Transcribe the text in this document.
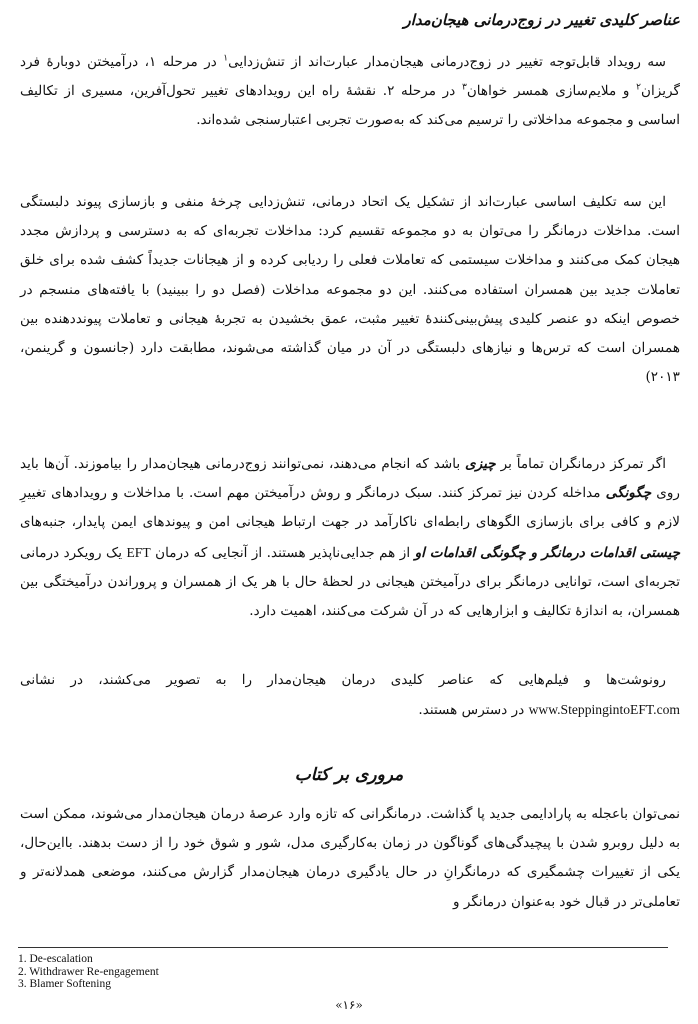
عناصر کلیدی تغییر در زوج‌درمانی هیجان‌مدار

سه رویداد قابل‌توجه تغییر در زوج‌درمانی هیجان‌مدار عبارت‌اند از تنش‌زدایی$^۱$ در مرحله ۱، درآمیختن دوبارۀ فرد گریزان$^۲$ و ملایم‌سازی همسر خواهان$^۳$ در مرحله ۲. نقشۀ راه این رویدادهای تغییر تحول‌آفرین، مسیری از تکالیف اساسی و مجموعه مداخلاتی را ترسیم می‌کند که به‌صورت تجربی اعتبارسنجی شده‌اند.

این سه تکلیف اساسی عبارت‌اند از تشکیل یک اتحاد درمانی، تنش‌زدایی چرخۀ منفی و بازسازی پیوند دلبستگی است. مداخلات درمانگر را می‌توان به دو مجموعه تقسیم کرد: مداخلات تجربه‌ای که به دسترسی و پردازش مجدد هیجان کمک می‌کنند و مداخلات سیستمی که تعاملات فعلی را ردیابی کرده و از هیجانات جدیداً کشف شده برای خلق تعاملات جدید بین همسران استفاده می‌کنند. این دو مجموعه مداخلات (فصل دو را ببینید) با یافته‌های منسجم در خصوص اینکه دو عنصر کلیدی پیش‌بینی‌کنندۀ تغییر مثبت، عمق بخشیدن به تجربۀ هیجانی و تعاملات پیونددهنده بین همسران است که ترس‌ها و نیازهای دلبستگی در آن در میان گذاشته می‌شوند، مطابقت دارد (جانسون و گرینمن، ۲۰۱۳)

اگر تمرکز درمانگران تماماً بر چیزی باشد که انجام می‌دهند، نمی‌توانند زوج‌درمانی هیجان‌مدار را بیاموزند. آن‌ها باید روی چگونگی مداخله کردن نیز تمرکز کنند. سبک درمانگر و روش درآمیختن مهم است. با مداخلات و رویدادهای تغییرِ لازم و کافی برای بازسازی الگوهای رابطه‌ای ناکارآمد در جهت ارتباط هیجانی امن و پیوندهای ایمن پایدار، جنبه‌های چیستی اقدامات درمانگر و چگونگی اقدامات او از هم جدایی‌ناپذیر هستند. از آنجایی که درمان EFT یک رویکرد درمانی تجربه‌ای است، توانایی درمانگر برای درآمیختن هیجانی در لحظۀ حال با هر یک از همسران و پروراندن درآمیختگی بین همسران، به اندازۀ تکالیف و ابزارهایی که در آن شرکت می‌کنند، اهمیت دارد.

رونوشت‌ها و فیلم‌هایی که عناصر کلیدی درمان هیجان‌مدار را به تصویر می‌کشند، در نشانی www.SteppingintoEFT.com در دسترس هستند.

مروری بر کتاب

نمی‌توان باعجله به پارادایمی جدید پا گذاشت. درمانگرانی که تازه وارد عرصۀ درمان هیجان‌مدار می‌شوند، ممکن است به دلیل روبرو شدن با پیچیدگی‌های گوناگون در زمان به‌کارگیری مدل، شور و شوق خود را از دست بدهند. بااین‌حال، یکی از تغییرات چشمگیری که درمانگرانِ در حال یادگیری درمان هیجان‌مدار گزارش می‌کنند، موضعی همدلانه‌تر و تعاملی‌تر در قبال خود به‌عنوان درمانگر و

1. De-escalation
2. Withdrawer Re-engagement
3. Blamer Softening
«۱۶»
